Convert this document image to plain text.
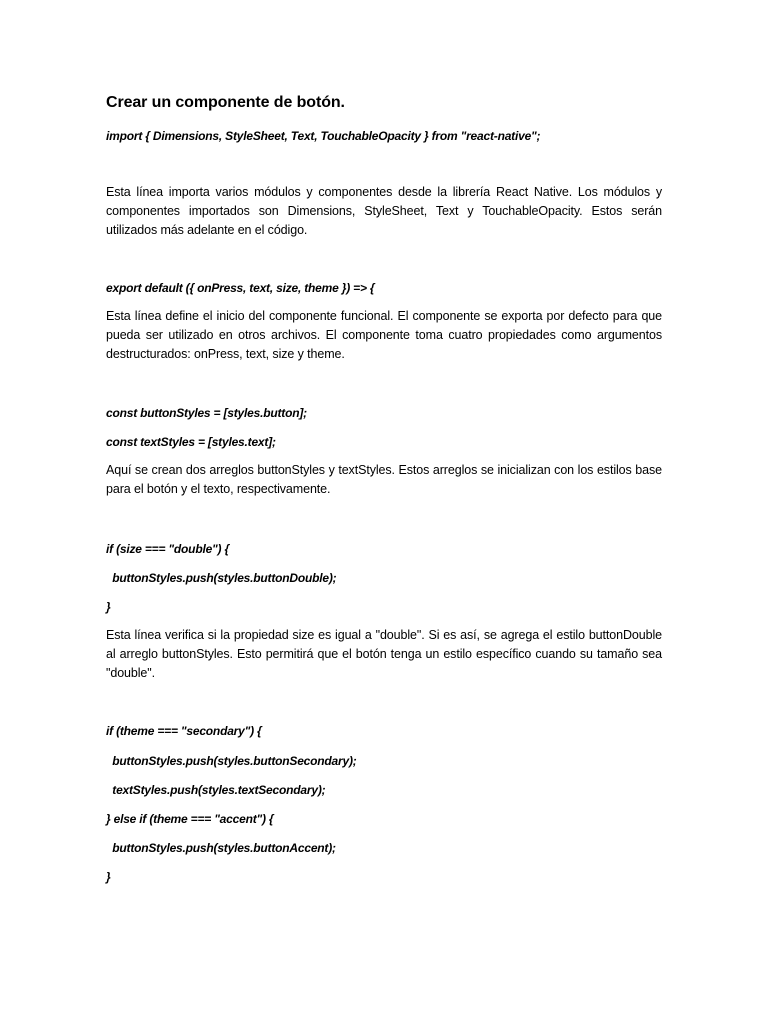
Crear un componente de botón.
import { Dimensions, StyleSheet, Text, TouchableOpacity } from "react-native";
Esta línea importa varios módulos y componentes desde la librería React Native. Los módulos y componentes importados son Dimensions, StyleSheet, Text y TouchableOpacity. Estos serán utilizados más adelante en el código.
export default ({ onPress, text, size, theme }) => {
Esta línea define el inicio del componente funcional. El componente se exporta por defecto para que pueda ser utilizado en otros archivos. El componente toma cuatro propiedades como argumentos destructurados: onPress, text, size y theme.
const buttonStyles = [styles.button];
const textStyles = [styles.text];
Aquí se crean dos arreglos buttonStyles y textStyles. Estos arreglos se inicializan con los estilos base para el botón y el texto, respectivamente.
if (size === "double") {
buttonStyles.push(styles.buttonDouble);
}
Esta línea verifica si la propiedad size es igual a "double". Si es así, se agrega el estilo buttonDouble al arreglo buttonStyles. Esto permitirá que el botón tenga un estilo específico cuando su tamaño sea "double".
if (theme === "secondary") {
buttonStyles.push(styles.buttonSecondary);
textStyles.push(styles.textSecondary);
} else if (theme === "accent") {
buttonStyles.push(styles.buttonAccent);
}
